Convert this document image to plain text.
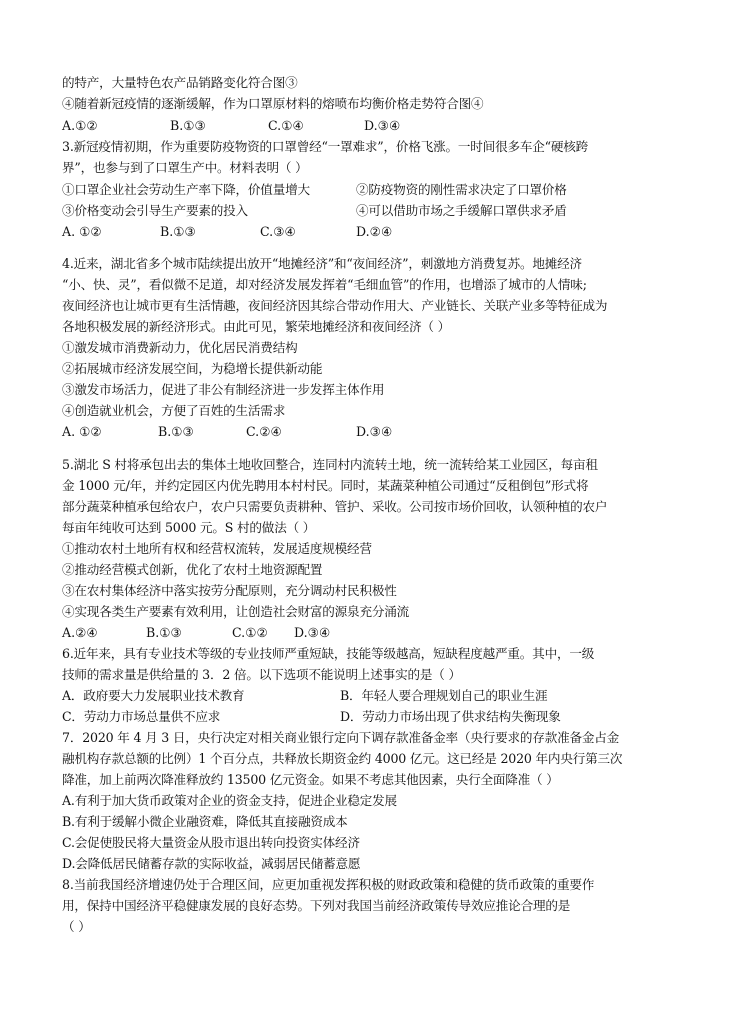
的特产，大量特色农产品销路变化符合图③
④随着新冠疫情的逐渐缓解，作为口罩原材料的熔喷布均衡价格走势符合图④
A.①②	B.①③	C.①④	D.③④
3.新冠疫情初期，作为重要防疫物资的口罩曾经“一罩难求”，价格飞涨。一时间很多车企“硬核跨
界”，也参与到了口罩生产中。材料表明（ ）
①口罩企业社会劳动生产率下降，价值量增大	②防疫物资的刚性需求决定了口罩价格
③价格变动会引导生产要素的投入	④可以借助市场之手缓解口罩供求矛盾
A. ①②	B.①③	C.③④	D.②④
4.近来，湖北省多个城市陆续提出放开“地摊经济”和“夜间经济”，刺激地方消费复苏。地摊经济
“小、快、灵”，看似微不足道，却对经济发展发挥着“毛细血管”的作用，也增添了城市的人情味;
夜间经济也让城市更有生活情趣，夜间经济因其综合带动作用大、产业链长、关联产业多等特征成为
各地积极发展的新经济形式。由此可见，繁荣地摊经济和夜间经济（ ）
①激发城市消费新动力，优化居民消费结构
②拓展城市经济发展空间，为稳增长提供新动能
③激发市场活力，促进了非公有制经济进一步发挥主体作用
④创造就业机会，方便了百姓的生活需求
A. ①②	B.①③	C.②④	D.③④
5.湖北 S 村将承包出去的集体土地收回整合，连同村内流转土地，统一流转给某工业园区，每亩租
金 1000 元/年，并约定园区内优先聘用本村村民。同时，某蔬菜种植公司通过“反租倒包”形式将
部分蔬菜种植承包给农户，农户只需要负责耕种、管护、采收。公司按市场价回收，认领种植的农户
每亩年纯收可达到 5000 元。S 村的做法（ ）
①推动农村土地所有权和经营权流转，发展适度规模经营
②推动经营模式创新，优化了农村土地资源配置
③在农村集体经济中落实按劳分配原则，充分调动村民积极性
④实现各类生产要素有效利用，让创造社会财富的源泉充分涌流
A.②④	B.①③	C.①② D.③④
6.近年来，具有专业技术等级的专业技师严重短缺，技能等级越高，短缺程度越严重。其中，一级
技师的需求量是供给量的 3．2 倍。以下选项不能说明上述事实的是（ ）
A．政府要大力发展职业技术教育	B．年轻人要合理规划自己的职业生涯
C．劳动力市场总量供不应求	D．劳动力市场出现了供求结构失衡现象
7．2020 年 4 月 3 日，央行决定对相关商业银行定向下调存款准备金率（央行要求的存款准备金占金
融机构存款总额的比例）1 个百分点，共释放长期资金约 4000 亿元。这已经是 2020 年内央行第三次
降准，加上前两次降准释放约 13500 亿元资金。如果不考虑其他因素，央行全面降准（ ）
A.有利于加大货币政策对企业的资金支持，促进企业稳定发展
B.有利于缓解小微企业融资难，降低其直接融资成本
C.会促使股民将大量资金从股市退出转向投资实体经济
D.会降低居民储蓄存款的实际收益，减弱居民储蓄意愿
8.当前我国经济增速仍处于合理区间，应更加重视发挥积极的财政政策和稳健的货币政策的重要作
用，保持中国经济平稳健康发展的良好态势。下列对我国当前经济政策传导效应推论合理的是
（ ）
